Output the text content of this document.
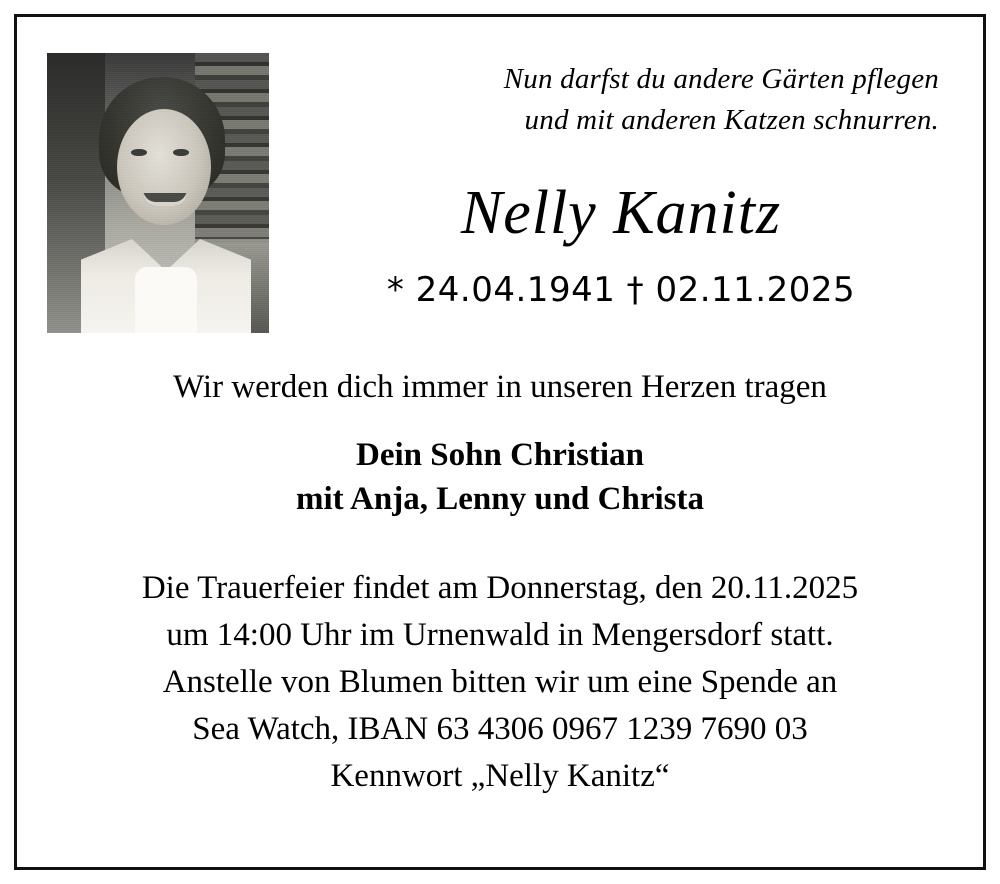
Nun darfst du andere Gärten pflegen
und mit anderen Katzen schnurren.
Nelly Kanitz
* 24.04.1941 † 02.11.2025
Wir werden dich immer in unseren Herzen tragen
Dein Sohn Christian
mit Anja, Lenny und Christa
Die Trauerfeier findet am Donnerstag, den 20.11.2025
um 14:00 Uhr im Urnenwald in Mengersdorf statt.
Anstelle von Blumen bitten wir um eine Spende an
Sea Watch, IBAN 63 4306 0967 1239 7690 03
Kennwort „Nelly Kanitz“
